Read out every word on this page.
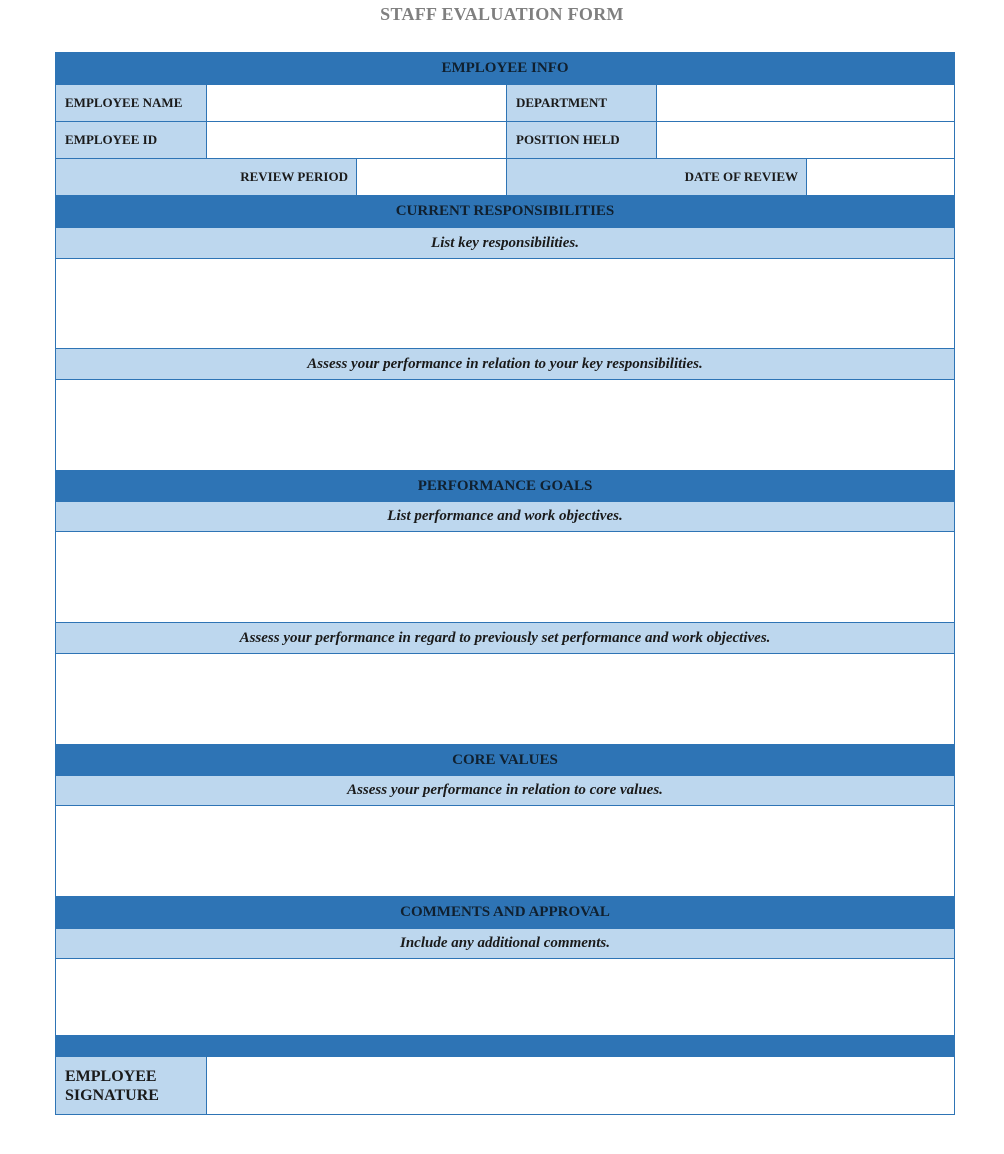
STAFF EVALUATION FORM
EMPLOYEE INFO
EMPLOYEE NAME	DEPARTMENT
EMPLOYEE ID	POSITION HELD
REVIEW PERIOD	DATE OF REVIEW
CURRENT RESPONSIBILITIES
List key responsibilities.
Assess your performance in relation to your key responsibilities.
PERFORMANCE GOALS
List performance and work objectives.
Assess your performance in regard to previously set performance and work objectives.
CORE VALUES
Assess your performance in relation to core values.
COMMENTS AND APPROVAL
Include any additional comments.
EMPLOYEE SIGNATURE
